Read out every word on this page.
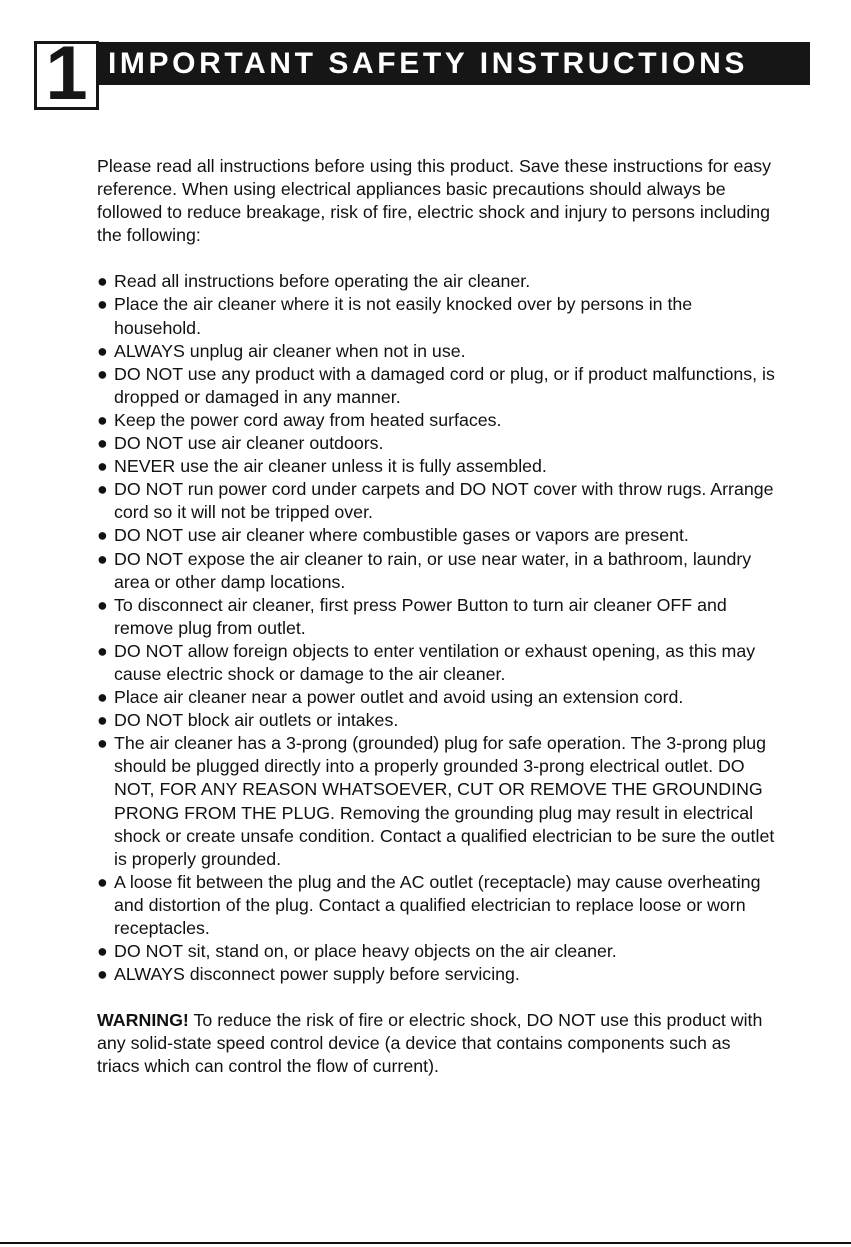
IMPORTANT SAFETY INSTRUCTIONS
1

Please read all instructions before using this product. Save these instructions for easy reference. When using electrical appliances basic precautions should always be followed to reduce breakage, risk of fire, electric shock and injury to persons including the following:

● Read all instructions before operating the air cleaner.
● Place the air cleaner where it is not easily knocked over by persons in the household.
● ALWAYS unplug air cleaner when not in use.
● DO NOT use any product with a damaged cord or plug, or if product malfunctions, is dropped or damaged in any manner.
● Keep the power cord away from heated surfaces.
● DO NOT use air cleaner outdoors.
● NEVER use the air cleaner unless it is fully assembled.
● DO NOT run power cord under carpets and DO NOT cover with throw rugs. Arrange cord so it will not be tripped over.
● DO NOT use air cleaner where combustible gases or vapors are present.
● DO NOT expose the air cleaner to rain, or use near water, in a bathroom, laundry area or other damp locations.
● To disconnect air cleaner, first press Power Button to turn air cleaner OFF and remove plug from outlet.
● DO NOT allow foreign objects to enter ventilation or exhaust opening, as this may cause electric shock or damage to the air cleaner.
● Place air cleaner near a power outlet and avoid using an extension cord.
● DO NOT block air outlets or intakes.
● The air cleaner has a 3-prong (grounded) plug for safe operation. The 3-prong plug should be plugged directly into a properly grounded 3-prong electrical outlet. DO NOT, FOR ANY REASON WHATSOEVER, CUT OR REMOVE THE GROUNDING PRONG FROM THE PLUG. Removing the grounding plug may result in electrical shock or create unsafe condition. Contact a qualified electrician to be sure the outlet is properly grounded.
● A loose fit between the plug and the AC outlet (receptacle) may cause overheating and distortion of the plug. Contact a qualified electrician to replace loose or worn receptacles.
● DO NOT sit, stand on, or place heavy objects on the air cleaner.
● ALWAYS disconnect power supply before servicing.

WARNING! To reduce the risk of fire or electric shock, DO NOT use this product with any solid-state speed control device (a device that contains components such as triacs which can control the flow of current).
